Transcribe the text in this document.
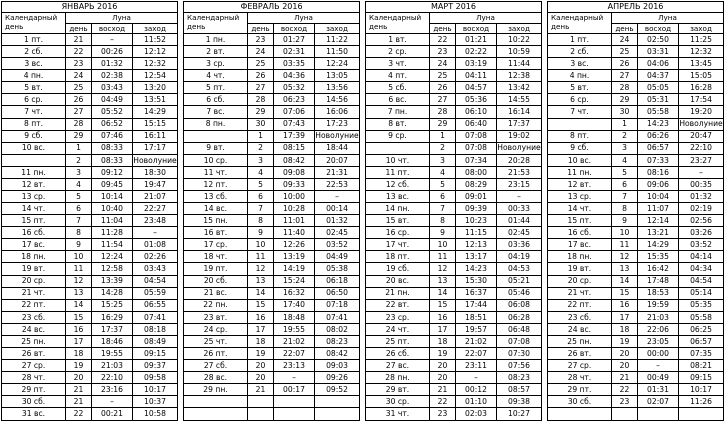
ЯНВАРЬ 2016			
Календарный
день	Луна		
	день	восход	заход
1 пт.	21	–	11:52
2 сб.	22	00:26	12:12
3 вс.	23	01:32	12:32
4 пн.	24	02:38	12:54
5 вт.	25	03:43	13:20
6 ср.	26	04:49	13:51
7 чт.	27	05:52	14:29
8 пт.	28	06:52	15:15
9 сб.	29	07:46	16:11
10 вс.	1	08:33	17:17
	2	08:33	Новолуние
11 пн.	3	09:12	18:30
12 вт.	4	09:45	19:47
13 ср.	5	10:14	21:07
14 чт.	6	10:40	22:27
15 пт.	7	11:04	23:48
16 сб.	8	11:28	–
17 вс.	9	11:54	01:08
18 пн.	10	12:24	02:26
19 вт.	11	12:58	03:43
20 ср.	12	13:39	04:54
21 чт.	13	14:28	05:59
22 пт.	14	15:25	06:55
23 сб.	15	16:29	07:41
24 вс.	16	17:37	08:18
25 пн.	17	18:46	08:49
26 вт.	18	19:55	09:15
27 ср.	19	21:03	09:37
28 чт.	20	22:10	09:58
29 пт.	21	23:16	10:17
30 сб.	21	–	10:37
31 вс.	22	00:21	10:58
ФЕВРАЛЬ 2016			
Календарный
день	Луна		
	день	восход	заход
1 пн.	23	01:27	11:22
2 вт.	24	02:31	11:50
3 ср.	25	03:35	12:24
4 чт.	26	04:36	13:05
5 пт.	27	05:32	13:56
6 сб.	28	06:23	14:56
7 вс.	29	07:06	16:06
8 пн.	30	07:43	17:23
	1	17:39	Новолуние
9 вт.	2	08:15	18:44
10 ср.	3	08:42	20:07
11 чт.	4	09:08	21:31
12 пт.	5	09:33	22:53
13 сб.	6	10:00	–
14 вс.	7	10:28	00:14
15 пн.	8	11:01	01:32
16 вт.	9	11:40	02:45
17 ср.	10	12:26	03:52
18 чт.	11	13:19	04:49
19 пт.	12	14:19	05:38
20 сб.	13	15:24	06:18
21 вс.	14	16:32	06:50
22 пн.	15	17:40	07:18
23 вт.	16	18:48	07:41
24 ср.	17	19:55	08:02
25 чт.	18	21:02	08:23
26 пт.	19	22:07	08:42
27 сб.	20	23:13	09:03
28 вс.	20	–	09:26
29 пн.	21	00:17	09:52

МАРТ 2016			
Календарный
день	Луна		
	день	восход	заход
1 вт.	22	01:21	10:22
2 ср.	23	02:22	10:59
3 чт.	24	03:19	11:44
4 пт.	25	04:11	12:38
5 сб.	26	04:57	13:42
6 вс.	27	05:36	14:55
7 пн.	28	06:10	16:14
8 вт.	29	06:40	17:37
9 ср.	1	07:08	19:02
	2	07:08	Новолуние
10 чт.	3	07:34	20:28
11 пт.	4	08:00	21:53
12 сб.	5	08:29	23:15
13 вс.	6	09:01	–
14 пн.	7	09:39	00:33
15 вт.	8	10:23	01:44
16 ср.	9	11:15	02:45
17 чт.	10	12:13	03:36
18 пт.	11	13:17	04:19
19 сб.	12	14:23	04:53
20 вс.	13	15:30	05:21
21 пн.	14	16:37	05:46
22 вт.	15	17:44	06:08
23 ср.	16	18:51	06:28
24 чт.	17	19:57	06:48
25 пт.	18	21:02	07:08
26 сб.	19	22:07	07:30
27 вс.	20	23:11	07:56
28 пн.	20	–	08:23
29 вт.	21	00:12	08:57
30 ср.	22	01:10	09:38
31 чт.	23	02:03	10:27
АПРЕЛЬ 2016			
Календарный
день	Луна		
	день	восход	заход
1 пт.	24	02:50	11:25
2 сб.	25	03:31	12:32
3 вс.	26	04:06	13:45
4 пн.	27	04:37	15:05
5 вт.	28	05:05	16:28
6 ср.	29	05:31	17:54
7 чт.	30	05:58	19:20
	1	14:23	Новолуние
8 пт.	2	06:26	20:47
9 сб.	3	06:57	22:10
10 вс.	4	07:33	23:27
11 пн.	5	08:16	–
12 вт.	6	09:06	00:35
13 ср.	7	10:04	01:32
14 чт.	8	11:07	02:19
15 пт.	9	12:14	02:56
16 сб.	10	13:21	03:26
17 вс.	11	14:29	03:52
18 пн.	12	15:35	04:14
19 вт.	13	16:42	04:34
20 ср.	14	17:48	04:54
21 чт.	15	18:53	05:14
22 пт.	16	19:59	05:35
23 сб.	17	21:03	05:58
24 вс.	18	22:06	06:25
25 пн.	19	23:05	06:57
26 вт.	20	00:00	07:35
27 ср.	20	–	08:21
28 чт.	21	00:49	09:15
29 пт.	22	01:31	10:17
30 сб.	23	02:07	11:26
